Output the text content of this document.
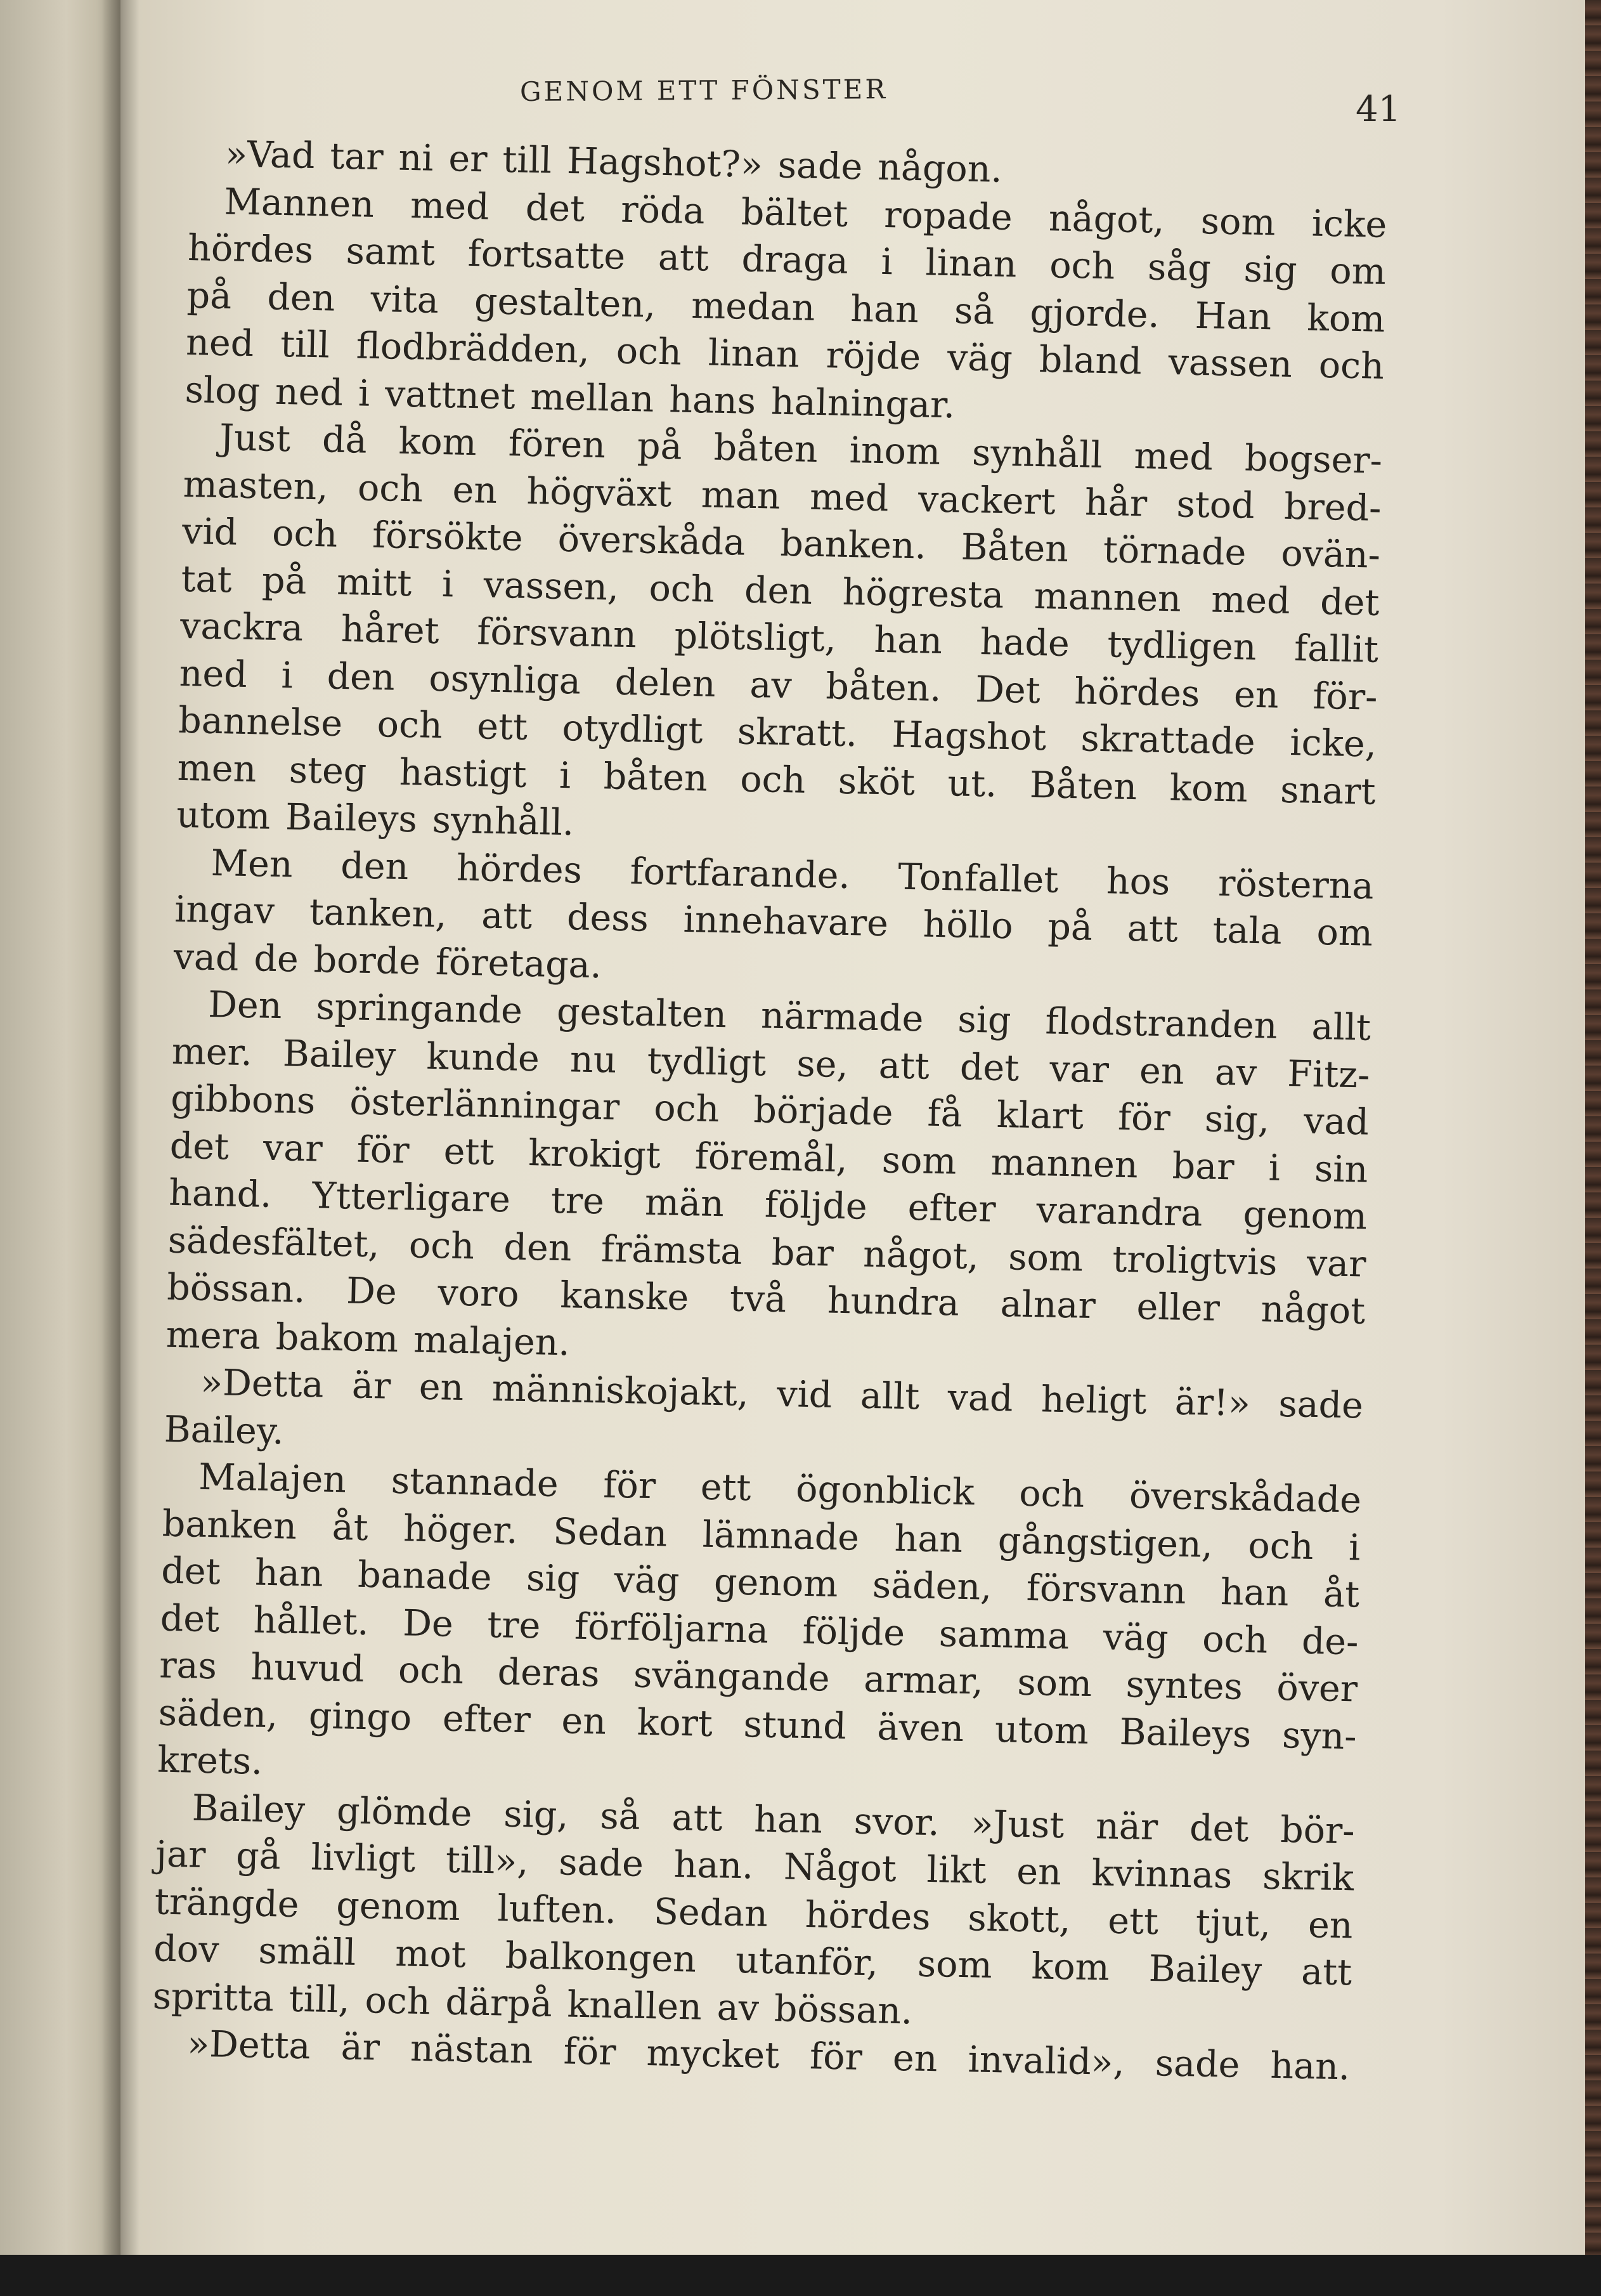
GENOM ETT FÖNSTER	41
»Vad tar ni er till Hagshot?» sade någon.
Mannen med det röda bältet ropade något, som icke
hördes samt fortsatte att draga i linan och såg sig om
på den vita gestalten, medan han så gjorde. Han kom
ned till flodbrädden, och linan röjde väg bland vassen och
slog ned i vattnet mellan hans halningar.
Just då kom fören på båten inom synhåll med bogser-
masten, och en högväxt man med vackert hår stod bred-
vid och försökte överskåda banken. Båten törnade ovän-
tat på mitt i vassen, och den högresta mannen med det
vackra håret försvann plötsligt, han hade tydligen fallit
ned i den osynliga delen av båten. Det hördes en för-
bannelse och ett otydligt skratt. Hagshot skrattade icke,
men steg hastigt i båten och sköt ut. Båten kom snart
utom Baileys synhåll.
Men den hördes fortfarande. Tonfallet hos rösterna
ingav tanken, att dess innehavare höllo på att tala om
vad de borde företaga.
Den springande gestalten närmade sig flodstranden allt
mer. Bailey kunde nu tydligt se, att det var en av Fitz-
gibbons österlänningar och började få klart för sig, vad
det var för ett krokigt föremål, som mannen bar i sin
hand. Ytterligare tre män följde efter varandra genom
sädesfältet, och den främsta bar något, som troligtvis var
bössan. De voro kanske två hundra alnar eller något
mera bakom malajen.
»Detta är en människojakt, vid allt vad heligt är!» sade
Bailey.
Malajen stannade för ett ögonblick och överskådade
banken åt höger. Sedan lämnade han gångstigen, och i
det han banade sig väg genom säden, försvann han åt
det hållet. De tre förföljarna följde samma väg och de-
ras huvud och deras svängande armar, som syntes över
säden, gingo efter en kort stund även utom Baileys syn-
krets.
Bailey glömde sig, så att han svor. »Just när det bör-
jar gå livligt till», sade han. Något likt en kvinnas skrik
trängde genom luften. Sedan hördes skott, ett tjut, en
dov smäll mot balkongen utanför, som kom Bailey att
spritta till, och därpå knallen av bössan.
»Detta är nästan för mycket för en invalid», sade han.
